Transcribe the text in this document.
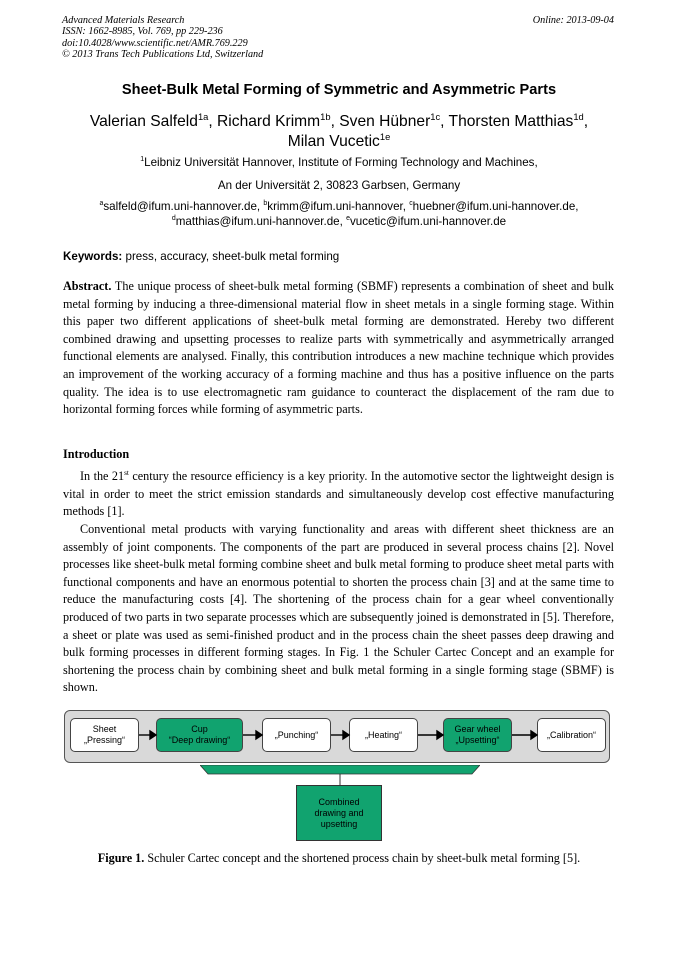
Advanced Materials Research
ISSN: 1662-8985, Vol. 769, pp 229-236
doi:10.4028/www.scientific.net/AMR.769.229
© 2013 Trans Tech Publications Ltd, Switzerland
Online: 2013-09-04
Sheet-Bulk Metal Forming of Symmetric and Asymmetric Parts
Valerian Salfeld$^{1a}$, Richard Krimm$^{1b}$, Sven Hübner$^{1c}$, Thorsten Matthias$^{1d}$,
Milan Vucetic$^{1e}$
$^1$Leibniz Universität Hannover, Institute of Forming Technology and Machines,
An der Universität 2, 30823 Garbsen, Germany
$^a$salfeld@ifum.uni-hannover.de, $^b$krimm@ifum.uni-hannover, $^c$huebner@ifum.uni-hannover.de,
$^d$matthias@ifum.uni-hannover.de, $^e$vucetic@ifum.uni-hannover.de
Keywords: press, accuracy, sheet-bulk metal forming
Abstract. The unique process of sheet-bulk metal forming (SBMF) represents a combination of sheet and bulk metal forming by inducing a three-dimensional material flow in sheet metals in a single forming stage. Within this paper two different applications of sheet-bulk metal forming are demonstrated. Hereby two different combined drawing and upsetting processes to realize parts with symmetrically and asymmetrically arranged functional elements are analysed. Finally, this contribution introduces a new machine technique which provides an improvement of the working accuracy of a forming machine and thus has a positive influence on the parts quality. The idea is to use electromagnetic ram guidance to counteract the displacement of the ram due to horizontal forming forces while forming of asymmetric parts.
Introduction
In the 21st century the resource efficiency is a key priority. In the automotive sector the lightweight design is vital in order to meet the strict emission standards and simultaneously develop cost effective manufacturing methods [1].
Conventional metal products with varying functionality and areas with different sheet thickness are an assembly of joint components. The components of the part are produced in several process chains [2]. Novel processes like sheet-bulk metal forming combine sheet and bulk metal forming to produce sheet metal parts with functional components and have an enormous potential to shorten the process chain [3] and at the same time to reduce the manufacturing costs [4]. The shortening of the process chain for a gear wheel conventionally produced of two parts in two separate processes which are subsequently joined is demonstrated in [5]. Therefore, a sheet or plate was used as semi-finished product and in the process chain the sheet passes deep drawing and bulk forming processes in different forming stages. In Fig. 1 the Schuler Cartec Concept and an example for shortening the process chain by combining sheet and bulk metal forming in a single forming stage (SBMF) is shown.
Sheet
„Pressing“
Cup
“Deep drawing“
„Punching“	„Heating“
Gear wheel
„Upsetting“
„Calibration“
Combined
drawing and
upsetting
Figure 1. Schuler Cartec concept and the shortened process chain by sheet-bulk metal forming [5].
